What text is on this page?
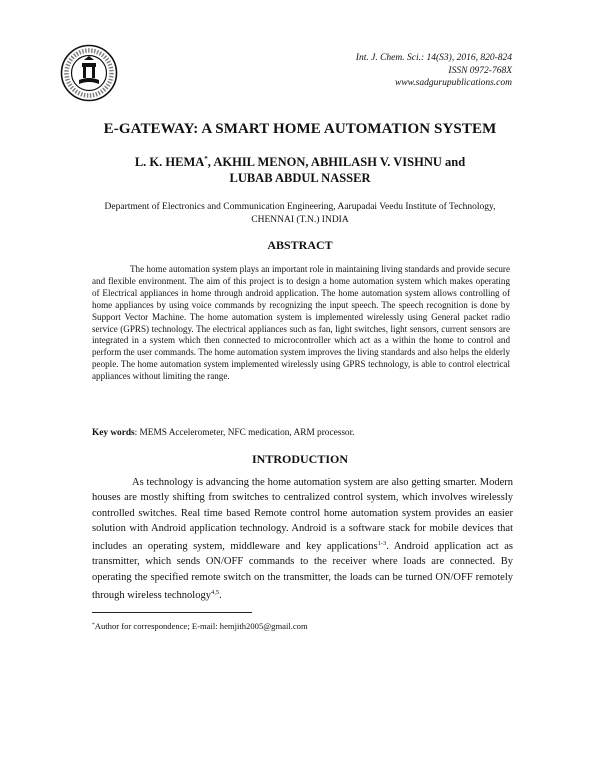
Int. J. Chem. Sci.: 14(S3), 2016, 820-824
ISSN 0972-768X
www.sadgurupublications.com
E-GATEWAY: A SMART HOME AUTOMATION SYSTEM
L. K. HEMA*, AKHIL MENON, ABHILASH V. VISHNU and
LUBAB ABDUL NASSER
Department of Electronics and Communication Engineering, Aarupadai Veedu Institute of Technology,
CHENNAI (T.N.) INDIA
ABSTRACT
The home automation system plays an important role in maintaining living standards and provide secure and flexible environment. The aim of this project is to design a home automation system which makes operating of Electrical appliances in home through android application. The home automation system allows controlling of home appliances by using voice commands by recognizing the input speech. The speech recognition is done by Support Vector Machine. The home automation system is implemented wirelessly using General packet radio service (GPRS) technology. The electrical appliances such as fan, light switches, light sensors, current sensors are integrated in a system which then connected to microcontroller which act as a within the home to control and perform the user commands. The home automation system improves the living standards and also helps the elderly people. The home automation system implemented wirelessly using GPRS technology, is able to control electrical appliances without limiting the range.
Key words: MEMS Accelerometer, NFC medication, ARM processor.
INTRODUCTION
As technology is advancing the home automation system are also getting smarter. Modern houses are mostly shifting from switches to centralized control system, which involves wirelessly controlled switches. Real time based Remote control home automation system provides an easier solution with Android application technology. Android is a software stack for mobile devices that includes an operating system, middleware and key applications$^{1-3}$. Android application act as transmitter, which sends ON/OFF commands to the receiver where loads are connected. By operating the specified remote switch on the transmitter, the loads can be turned ON/OFF remotely through wireless technology$^{4,5}$.
*Author for correspondence; E-mail: hemjith2005@gmail.com
